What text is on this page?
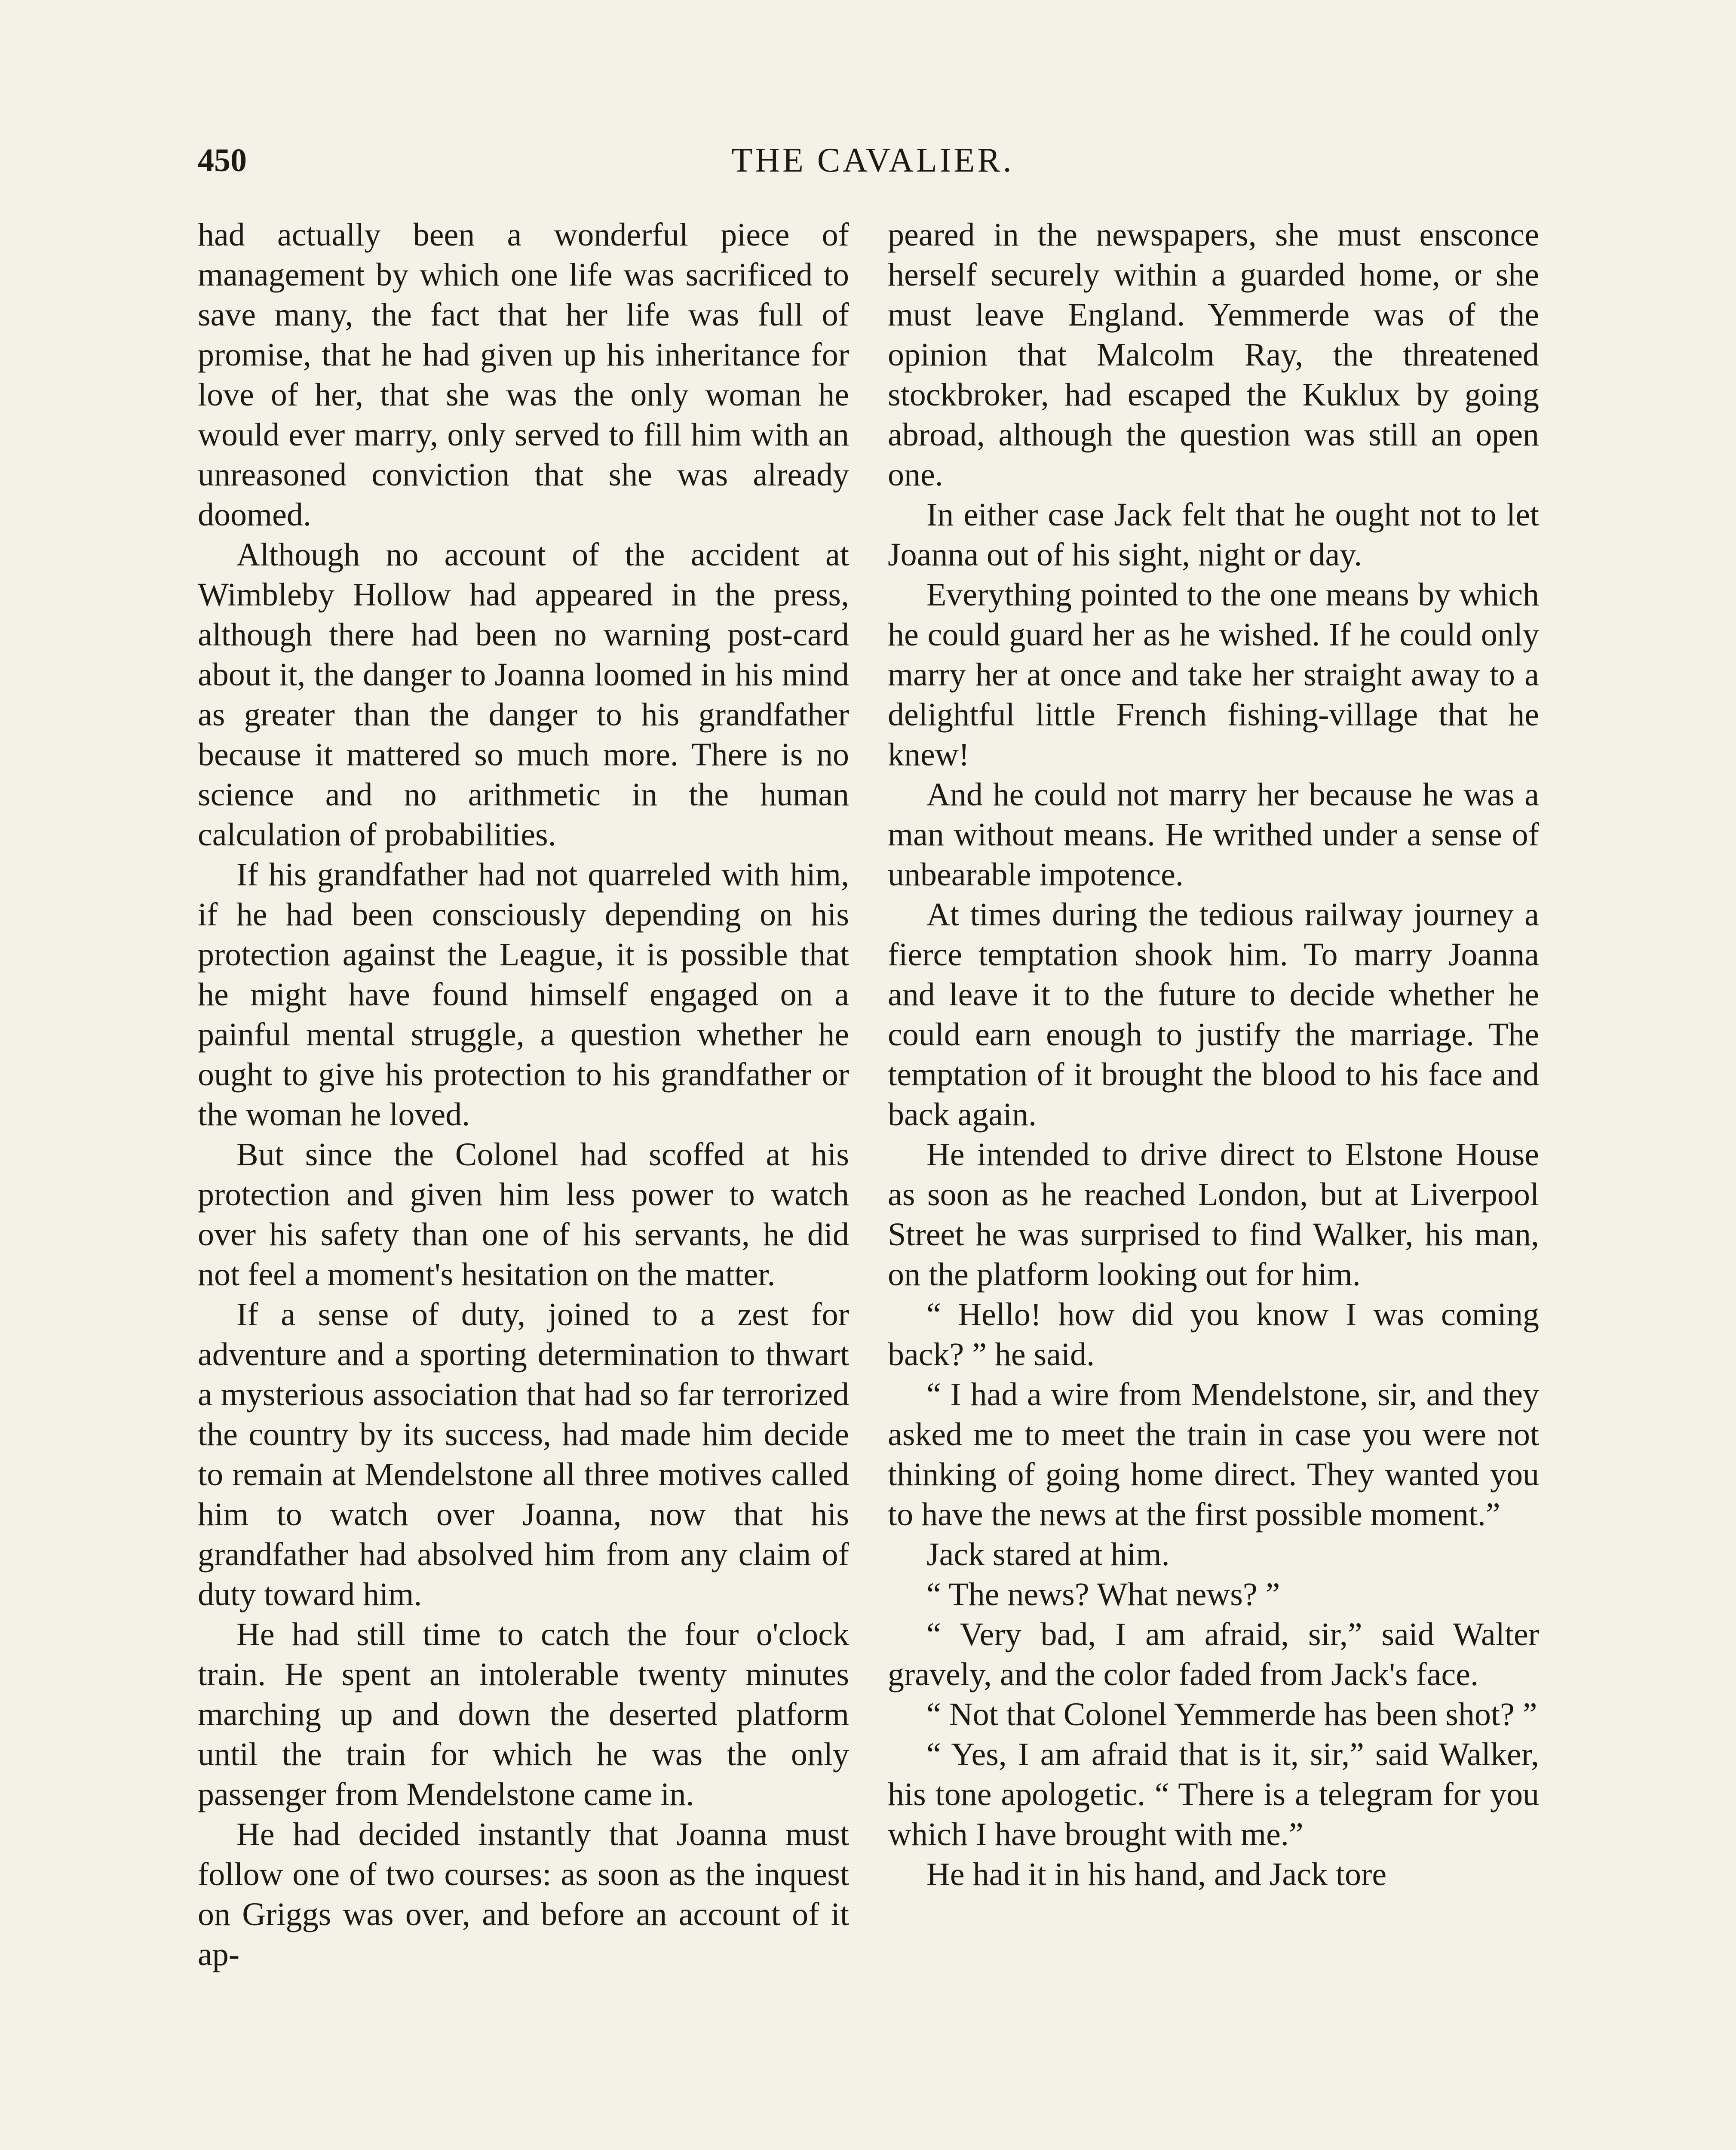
450	THE CAVALIER.

had actually been a wonderful piece of management by which one life was sacrificed to save many, the fact that her life was full of promise, that he had given up his inheritance for love of her, that she was the only woman he would ever marry, only served to fill him with an unreasoned conviction that she was already doomed.

Although no account of the accident at Wimbleby Hollow had appeared in the press, although there had been no warning post-card about it, the danger to Joanna loomed in his mind as greater than the danger to his grandfather because it mattered so much more. There is no science and no arithmetic in the human calculation of probabilities.

If his grandfather had not quarreled with him, if he had been consciously depending on his protection against the League, it is possible that he might have found himself engaged on a painful mental struggle, a question whether he ought to give his protection to his grandfather or the woman he loved.

But since the Colonel had scoffed at his protection and given him less power to watch over his safety than one of his servants, he did not feel a moment's hesitation on the matter.

If a sense of duty, joined to a zest for adventure and a sporting determination to thwart a mysterious association that had so far terrorized the country by its success, had made him decide to remain at Mendelstone all three motives called him to watch over Joanna, now that his grandfather had absolved him from any claim of duty toward him.

He had still time to catch the four o'clock train. He spent an intolerable twenty minutes marching up and down the deserted platform until the train for which he was the only passenger from Mendelstone came in.

He had decided instantly that Joanna must follow one of two courses: as soon as the inquest on Griggs was over, and before an account of it ap-

peared in the newspapers, she must ensconce herself securely within a guarded home, or she must leave England. Yemmerde was of the opinion that Malcolm Ray, the threatened stockbroker, had escaped the Kuklux by going abroad, although the question was still an open one.

In either case Jack felt that he ought not to let Joanna out of his sight, night or day.

Everything pointed to the one means by which he could guard her as he wished. If he could only marry her at once and take her straight away to a delightful little French fishing-village that he knew!

And he could not marry her because he was a man without means. He writhed under a sense of unbearable impotence.

At times during the tedious railway journey a fierce temptation shook him. To marry Joanna and leave it to the future to decide whether he could earn enough to justify the marriage. The temptation of it brought the blood to his face and back again.

He intended to drive direct to Elstone House as soon as he reached London, but at Liverpool Street he was surprised to find Walker, his man, on the platform looking out for him.

“ Hello! how did you know I was coming back? ” he said.

“ I had a wire from Mendelstone, sir, and they asked me to meet the train in case you were not thinking of going home direct. They wanted you to have the news at the first possible moment.”

Jack stared at him.

“ The news? What news? ”

“ Very bad, I am afraid, sir,” said Walter gravely, and the color faded from Jack's face.

“ Not that Colonel Yemmerde has been shot? ”

“ Yes, I am afraid that is it, sir,” said Walker, his tone apologetic. “ There is a telegram for you which I have brought with me.”

He had it in his hand, and Jack tore
